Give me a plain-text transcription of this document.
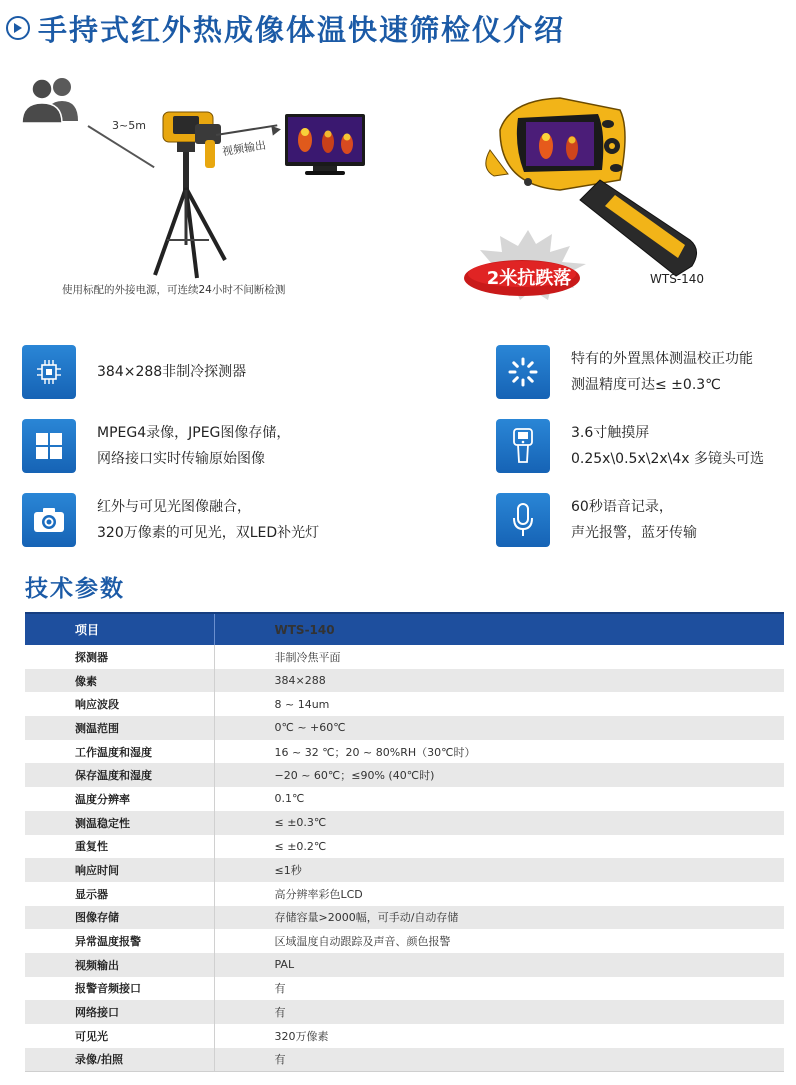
手持式红外热成像体温快速筛检仪介绍
3~5m
视频输出
使用标配的外接电源，可连续24小时不间断检测
2米抗跌落	WTS-140
384×288非制冷探测器
特有的外置黑体测温校正功能
测温精度可达≤ ±0.3℃
MPEG4录像，JPEG图像存储，
网络接口实时传输原始图像
3.6寸触摸屏
0.25x\0.5x\2x\4x 多镜头可选
红外与可见光图像融合，
320万像素的可见光，双LED补光灯
60秒语音记录，
声光报警，蓝牙传输
技术参数
项目	WTS-140
探测器	非制冷焦平面
像素	384×288
响应波段	8 ~ 14um
测温范围	0℃ ~ +60℃
工作温度和湿度	16 ~ 32 ℃；20 ~ 80%RH（30℃时）
保存温度和湿度	−20 ~ 60℃；≤90% (40℃时)
温度分辨率	0.1℃
测温稳定性	≤ ±0.3℃
重复性	≤ ±0.2℃
响应时间	≤1秒
显示器	高分辨率彩色LCD
图像存储	存储容量>2000幅，可手动/自动存储
异常温度报警	区域温度自动跟踪及声音、颜色报警
视频输出	PAL
报警音频接口	有
网络接口	有
可见光	320万像素
录像/拍照	有
